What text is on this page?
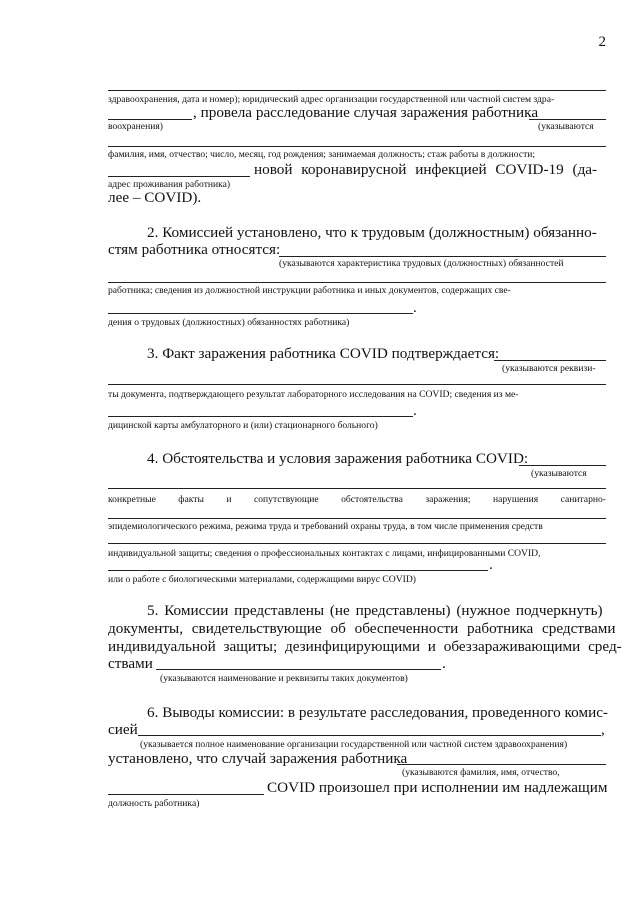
2
здравоохранения, дата и номер); юридический адрес организации государственной или частной систем здра-
, провела расследование случая заражения работника
воохранения)	(указываются
фамилия, имя, отчество; число, месяц, год рождения; занимаемая должность; стаж работы в должности;
новой коронавирусной инфекцией COVID-19 (да-
адрес проживания работника)
лее – COVID).
2. Комиссией установлено, что к трудовым (должностным) обязанно-
стям работника относятся:
(указываются характеристика трудовых (должностных) обязанностей
работника; сведения из должностной инструкции работника и иных документов, содержащих све-
.
дения о трудовых (должностных) обязанностях работника)
3. Факт заражения работника COVID подтверждается:
(указываются реквизи-
ты документа, подтверждающего результат лабораторного исследования на COVID; сведения из ме-
.
дицинской карты амбулаторного и (или) стационарного больного)
4. Обстоятельства и условия заражения работника COVID:
(указываются
конкретные факты и сопутствующие обстоятельства заражения; нарушения санитарно-
эпидемиологического режима, режима труда и требований охраны труда, в том числе применения средств
индивидуальной защиты; сведения о профессиональных контактах с лицами, инфицированными COVID,
.
или о работе с биологическими материалами, содержащими вирус COVID)
5. Комиссии представлены (не представлены) (нужное подчеркнуть)
документы, свидетельствующие об обеспеченности работника средствами
индивидуальной защиты; дезинфицирующими и обеззараживающими сред-
ствами	.
(указываются наименование и реквизиты таких документов)
6. Выводы комиссии: в результате расследования, проведенного комис-
сией	,
(указывается полное наименование организации государственной или частной систем здравоохранения)
установлено, что случай заражения работника
(указываются фамилия, имя, отчество,
COVID произошел при исполнении им надлежащим
должность работника)
